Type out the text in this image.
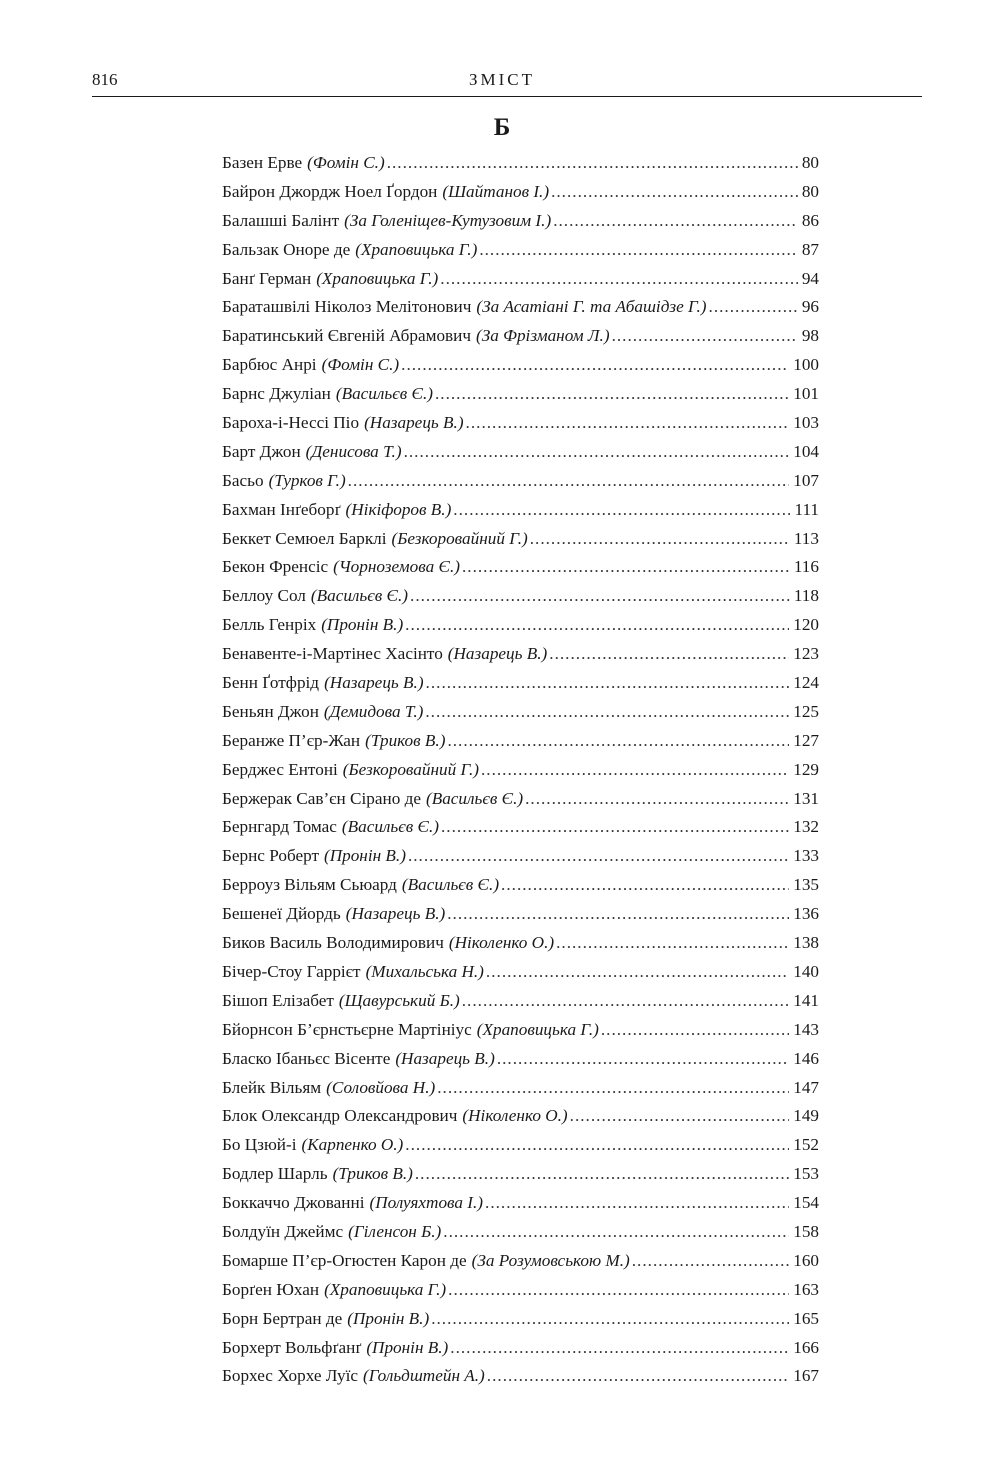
816	ЗМІСТ
Б
Базен Ерве (Фомін С.) .....	80
Байрон Джордж Ноел Ґордон (Шайтанов І.) .....	80
Балашші Балінт (За Голеніщев-Кутузовим І.) .....	86
Бальзак Оноре де (Храповицька Г.) .....	87
Банґ Герман (Храповицька Г.) .....	94
Бараташвілі Ніколоз Мелітонович (За Асатіані Г. та Абашідзе Г.) .....	96
Баратинський Євгеній Абрамович (За Фрізманом Л.) .....	98
Барбюс Анрі (Фомін С.) .....	100
Барнс Джуліан (Васильєв Є.) .....	101
Бароха-і-Нессі Піо (Назарець В.) .....	103
Барт Джон (Денисова Т.) .....	104
Басьо (Турков Г.) .....	107
Бахман Інґеборґ (Нікіфоров В.) .....	111
Беккет Семюел Барклі (Безкоровайний Г.) .....	113
Бекон Френсіс (Чорноземова Є.) .....	116
Беллоу Сол (Васильєв Є.) .....	118
Белль Генріх (Пронін В.) .....	120
Бенавенте-і-Мартінес Хасінто (Назарець В.) .....	123
Бенн Ґотфрід (Назарець В.) .....	124
Беньян Джон (Демидова Т.) .....	125
Беранже П’єр-Жан (Триков В.) .....	127
Берджес Ентоні (Безкоровайний Г.) .....	129
Бержерак Сав’єн Сірано де (Васильєв Є.) .....	131
Бернгард Томас (Васильєв Є.) .....	132
Бернс Роберт (Пронін В.) .....	133
Берроуз Вільям Сьюард (Васильєв Є.) .....	135
Бешенеї Дйордь (Назарець В.) .....	136
Биков Василь Володимирович (Ніколенко О.) .....	138
Бічер-Стоу Гаррієт (Михальська Н.) .....	140
Бішоп Елізабет (Щавурський Б.) .....	141
Бйорнсон Б’єрнстьєрне Мартініус (Храповицька Г.) .....	143
Бласко Ібаньєс Вісенте (Назарець В.) .....	146
Блейк Вільям (Соловйова Н.) .....	147
Блок Олександр Олександрович (Ніколенко О.) .....	149
Бо Цзюй-і (Карпенко О.) .....	152
Бодлер Шарль (Триков В.) .....	153
Боккаччо Джованні (Полуяхтова І.) .....	154
Болдуїн Джеймс (Гіленсон Б.) .....	158
Бомарше П’єр-Огюстен Карон де (За Розумовською М.) .....	160
Борґен Юхан (Храповицька Г.) .....	163
Борн Бертран де (Пронін В.) .....	165
Борхерт Вольфґанґ (Пронін В.) .....	166
Борхес Хорхе Луїс (Гольдштейн А.) .....	167
